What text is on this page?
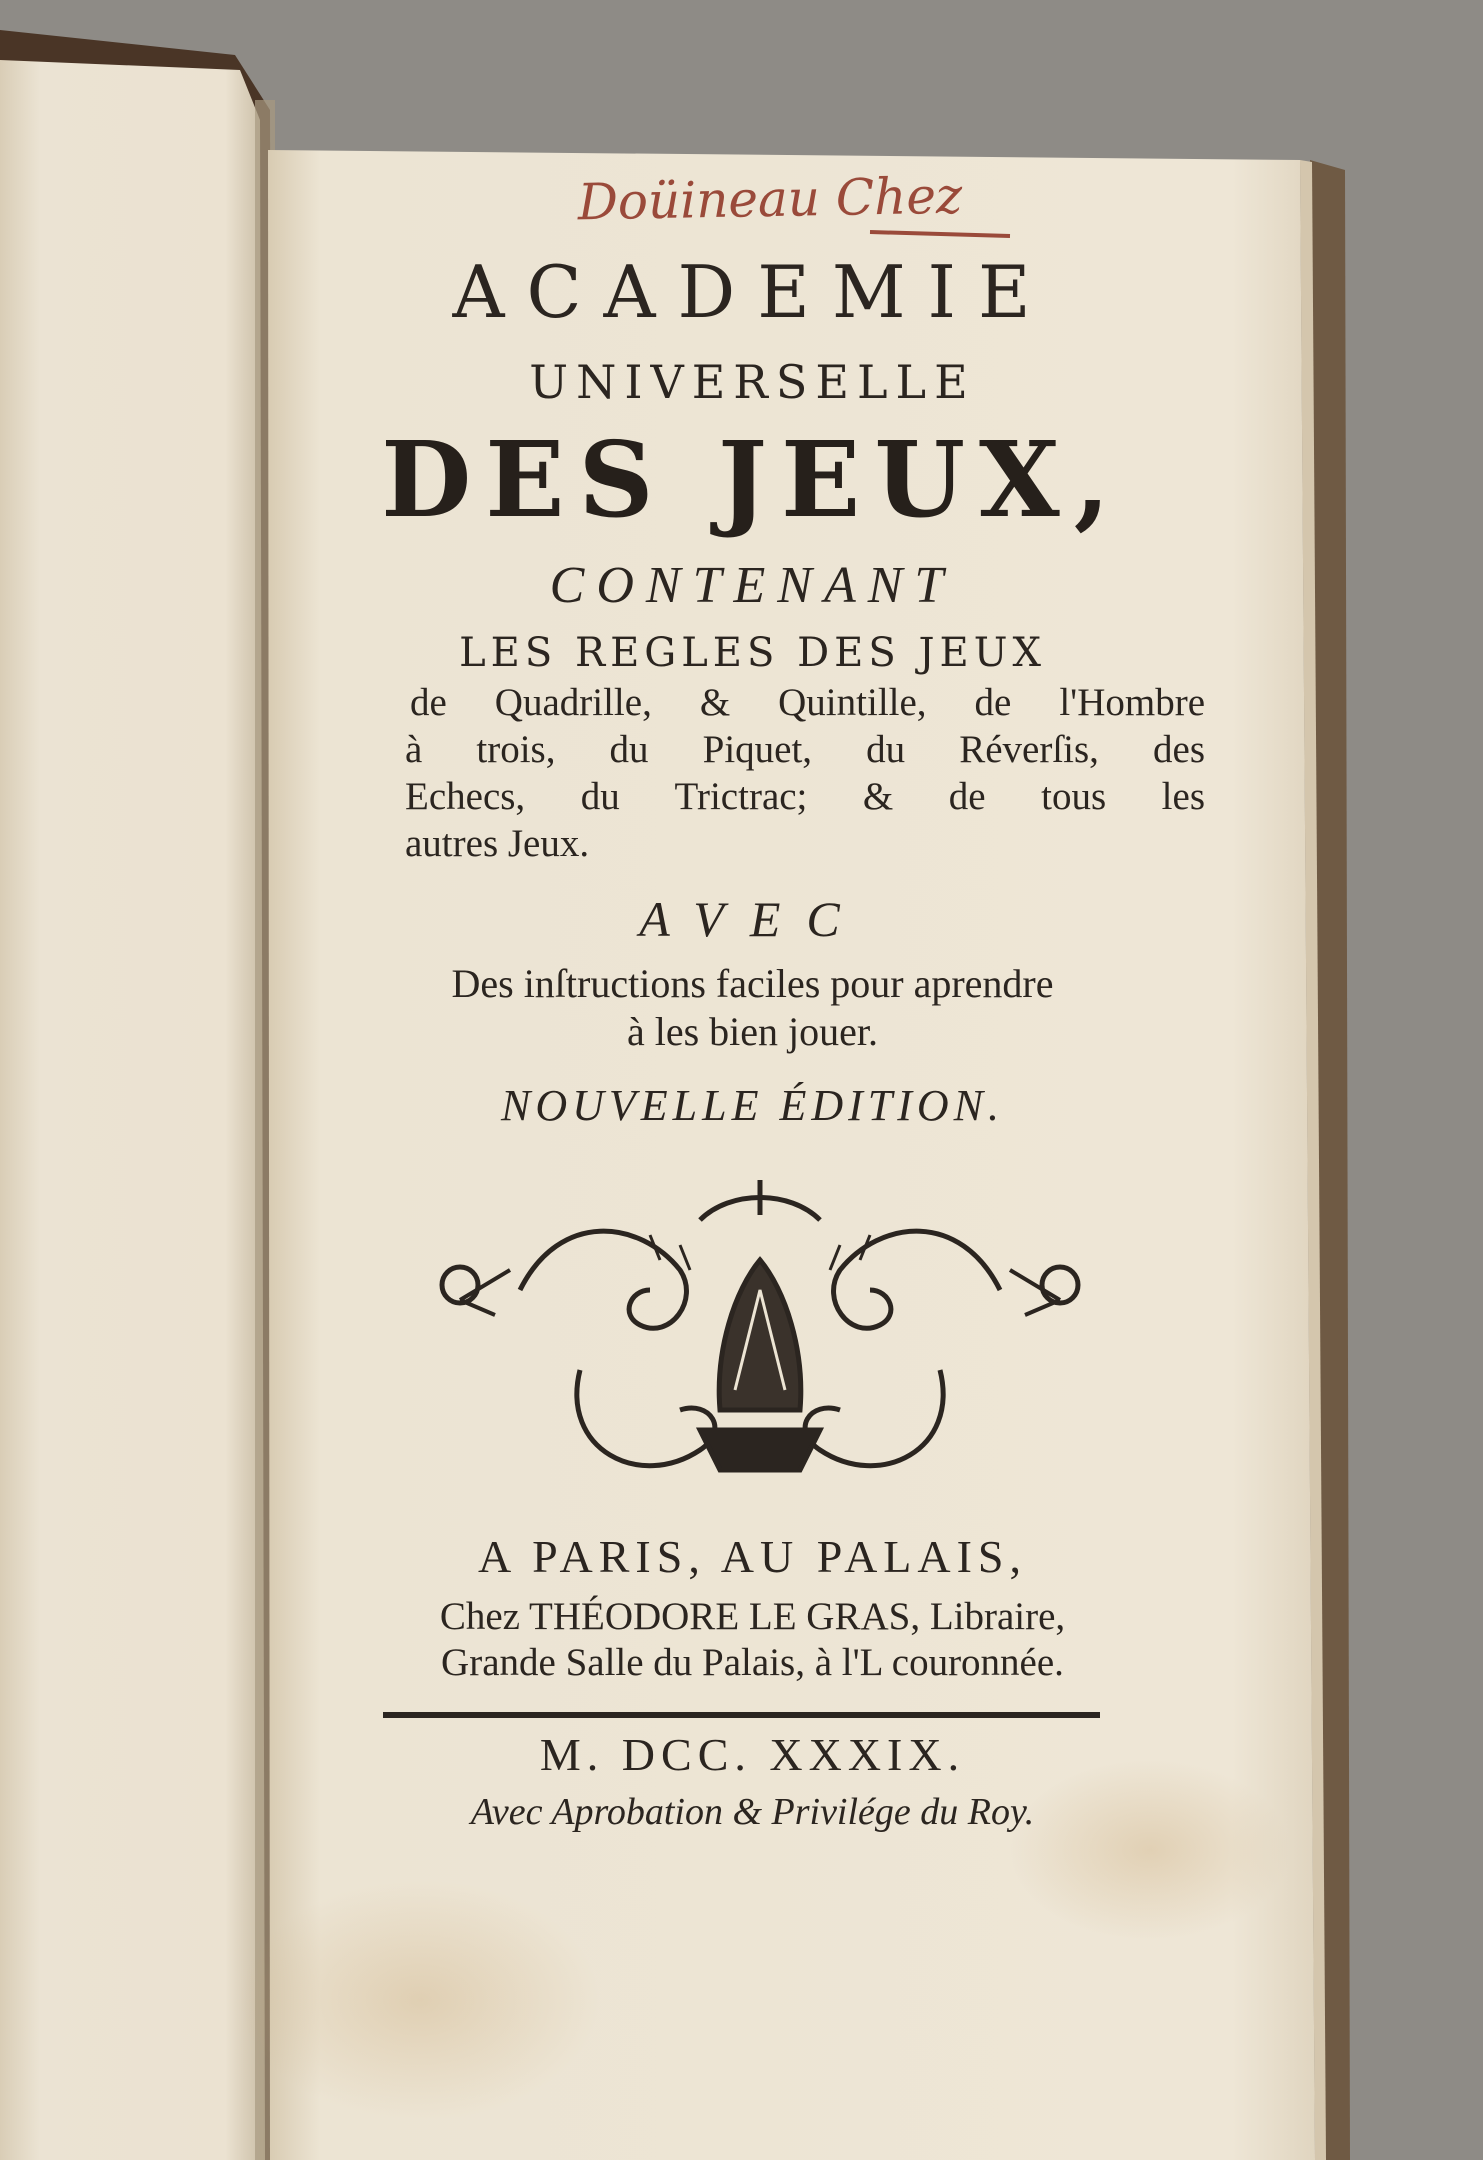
Doüineau Chez
ACADEMIE
UNIVERSELLE
DES JEUX,
CONTENANT
LES REGLES DES JEUX
de Quadrille, & Quintille, de l'Hombre
à trois, du Piquet, du Réverſis, des
Echecs, du Trictrac; & de tous les
autres Jeux.
AVEC
Des inſtructions faciles pour aprendre
à les bien jouer.
NOUVELLE ÉDITION.
A PARIS, AU PALAIS,
Chez THÉODORE LE GRAS, Libraire,
Grande Salle du Palais, à l'L couronnée.
M. DCC. XXXIX.
Avec Aprobation & Privilége du Roy.
